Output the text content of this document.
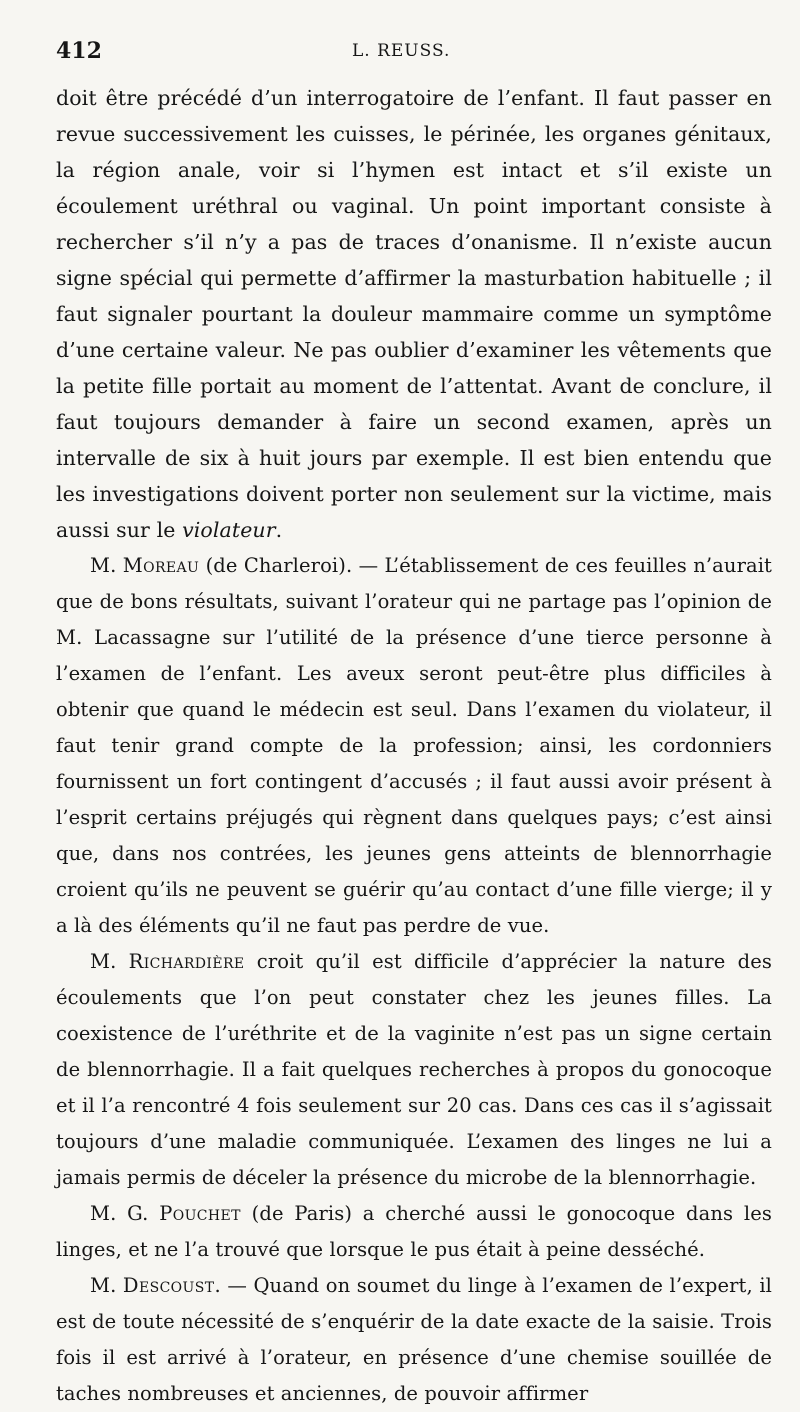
412	L. REUSS.

doit être précédé d’un interrogatoire de l’enfant. Il faut passer en revue successivement les cuisses, le périnée, les organes génitaux, la région anale, voir si l’hymen est intact et s’il existe un écoulement uréthral ou vaginal. Un point important consiste à rechercher s’il n’y a pas de traces d’onanisme. Il n’existe aucun signe spécial qui permette d’affirmer la masturbation habituelle ; il faut signaler pourtant la douleur mammaire comme un symptôme d’une certaine valeur. Ne pas oublier d’examiner les vêtements que la petite fille portait au moment de l’attentat. Avant de conclure, il faut toujours demander à faire un second examen, après un intervalle de six à huit jours par exemple. Il est bien entendu que les investigations doivent porter non seulement sur la victime, mais aussi sur le violateur.

M. Moreau (de Charleroi). — L’établissement de ces feuilles n’aurait que de bons résultats, suivant l’orateur qui ne partage pas l’opinion de M. Lacassagne sur l’utilité de la présence d’une tierce personne à l’examen de l’enfant. Les aveux seront peut-être plus difficiles à obtenir que quand le médecin est seul. Dans l’examen du violateur, il faut tenir grand compte de la profession; ainsi, les cordonniers fournissent un fort contingent d’accusés ; il faut aussi avoir présent à l’esprit certains préjugés qui règnent dans quelques pays; c’est ainsi que, dans nos contrées, les jeunes gens atteints de blennorrhagie croient qu’ils ne peuvent se guérir qu’au contact d’une fille vierge; il y a là des éléments qu’il ne faut pas perdre de vue.

M. Richardière croit qu’il est difficile d’apprécier la nature des écoulements que l’on peut constater chez les jeunes filles. La coexistence de l’uréthrite et de la vaginite n’est pas un signe certain de blennorrhagie. Il a fait quelques recherches à propos du gonocoque et il l’a rencontré 4 fois seulement sur 20 cas. Dans ces cas il s’agissait toujours d’une maladie communiquée. L’examen des linges ne lui a jamais permis de déceler la présence du microbe de la blennorrhagie.

M. G. Pouchet (de Paris) a cherché aussi le gonocoque dans les linges, et ne l’a trouvé que lorsque le pus était à peine desséché.

M. Descoust. — Quand on soumet du linge à l’examen de l’expert, il est de toute nécessité de s’enquérir de la date exacte de la saisie. Trois fois il est arrivé à l’orateur, en présence d’une chemise souillée de taches nombreuses et anciennes, de pouvoir affirmer
